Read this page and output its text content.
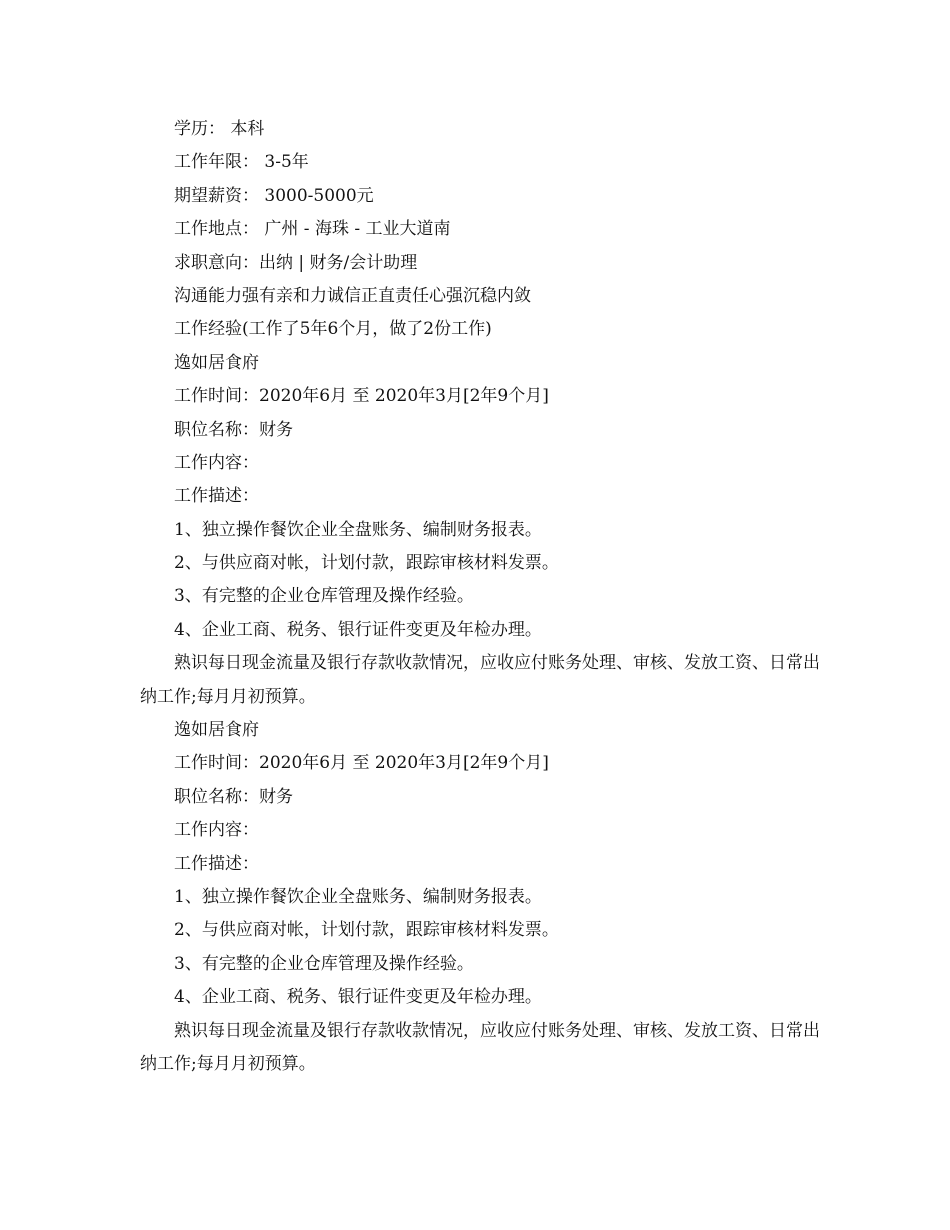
学历： 本科
工作年限： 3-5年
期望薪资： 3000-5000元
工作地点： 广州 - 海珠 - 工业大道南
求职意向：出纳 | 财务/会计助理
沟通能力强有亲和力诚信正直责任心强沉稳内敛
工作经验(工作了5年6个月，做了2份工作)
逸如居食府
工作时间：2020年6月 至 2020年3月[2年9个月]
职位名称：财务
工作内容：
工作描述：
1、独立操作餐饮企业全盘账务、编制财务报表。
2、与供应商对帐，计划付款，跟踪审核材料发票。
3、有完整的企业仓库管理及操作经验。
4、企业工商、税务、银行证件变更及年检办理。

熟识每日现金流量及银行存款收款情况，应收应付账务处理、审核、发放工资、日常出纳工作;每月月初预算。

逸如居食府
工作时间：2020年6月 至 2020年3月[2年9个月]
职位名称：财务
工作内容：
工作描述：
1、独立操作餐饮企业全盘账务、编制财务报表。
2、与供应商对帐，计划付款，跟踪审核材料发票。
3、有完整的企业仓库管理及操作经验。
4、企业工商、税务、银行证件变更及年检办理。

熟识每日现金流量及银行存款收款情况，应收应付账务处理、审核、发放工资、日常出纳工作;每月月初预算。
